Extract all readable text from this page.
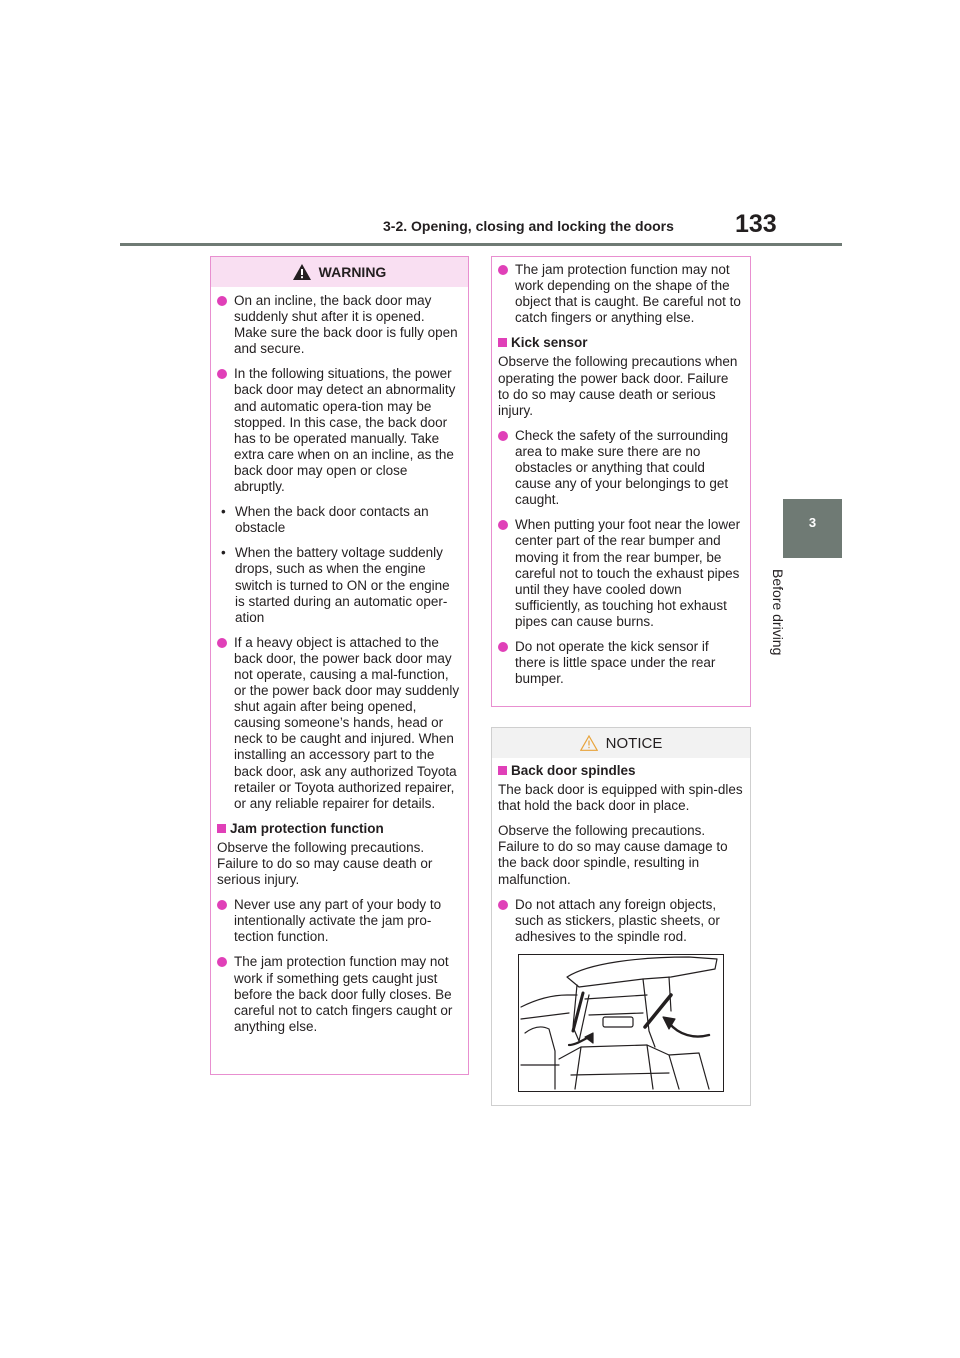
3-2. Opening, closing and locking the doors 133
3
Before driving
WARNING
On an incline, the back door may suddenly shut after it is opened. Make sure the back door is fully open and secure.
In the following situations, the power back door may detect an abnormality and automatic opera-tion may be stopped. In this case, the back door has to be operated manually. Take extra care when on an incline, as the back door may open or close abruptly.
• When the back door contacts an obstacle
• When the battery voltage suddenly drops, such as when the engine switch is turned to ON or the engine is started during an automatic oper-ation
If a heavy object is attached to the back door, the power back door may not operate, causing a mal-function, or the power back door may suddenly shut again after being opened, causing someone’s hands, head or neck to be caught and injured. When installing an accessory part to the back door, ask any authorized Toyota retailer or Toyota authorized repairer, or any reliable repairer for details.
Jam protection function
Observe the following precautions. Failure to do so may cause death or serious injury.
Never use any part of your body to intentionally activate the jam pro-tection function.
The jam protection function may not work if something gets caught just before the back door fully closes. Be careful not to catch fingers caught or anything else.
The jam protection function may not work depending on the shape of the object that is caught. Be careful not to catch fingers or anything else.
Kick sensor
Observe the following precautions when operating the power back door. Failure to do so may cause death or serious injury.
Check the safety of the surrounding area to make sure there are no obstacles or anything that could cause any of your belongings to get caught.
When putting your foot near the lower center part of the rear bumper and moving it from the rear bumper, be careful not to touch the exhaust pipes until they have cooled down sufficiently, as touching hot exhaust pipes can cause burns.
Do not operate the kick sensor if there is little space under the rear bumper.
NOTICE
Back door spindles
The back door is equipped with spin-dles that hold the back door in place.
Observe the following precautions. Failure to do so may cause damage to the back door spindle, resulting in malfunction.
Do not attach any foreign objects, such as stickers, plastic sheets, or adhesives to the spindle rod.
